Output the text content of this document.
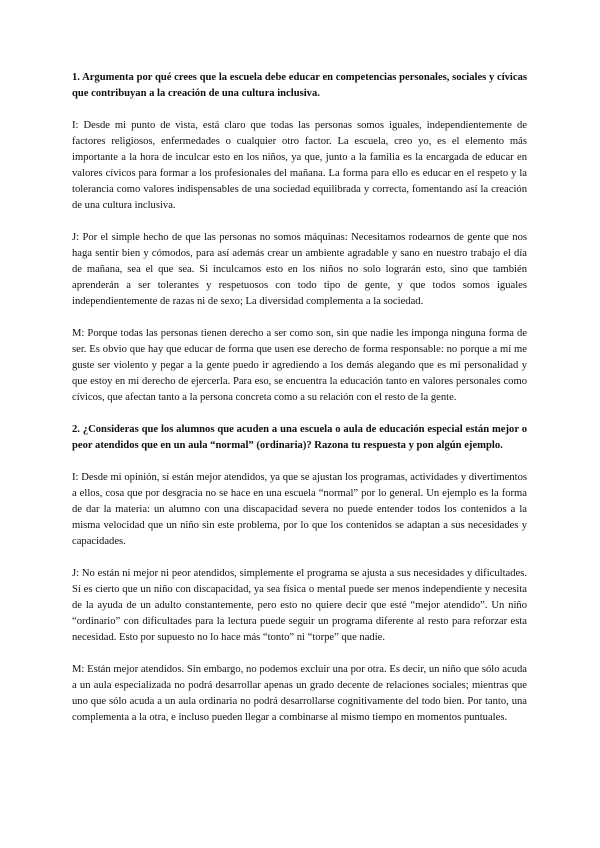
1. Argumenta por qué crees que la escuela debe educar en competencias personales, sociales y cívicas que contribuyan a la creación de una cultura inclusiva.

I: Desde mi punto de vista, está claro que todas las personas somos iguales, independientemente de factores religiosos, enfermedades o cualquier otro factor. La escuela, creo yo, es el elemento más importante a la hora de inculcar esto en los niños, ya que, junto a la familia es la encargada de educar en valores cívicos para formar a los profesionales del mañana. La forma para ello es educar en el respeto y la tolerancia como valores indispensables de una sociedad equilibrada y correcta, fomentando así la creación de una cultura inclusiva.

J: Por el simple hecho de que las personas no somos máquinas: Necesitamos rodearnos de gente que nos haga sentir bien y cómodos, para así además crear un ambiente agradable y sano en nuestro trabajo el día de mañana, sea el que sea. Si inculcamos esto en los niños no solo lograrán esto, sino que también aprenderán a ser tolerantes y respetuosos con todo tipo de gente, y que todos somos iguales independientemente de razas ni de sexo; La diversidad complementa a la sociedad.

M: Porque todas las personas tienen derecho a ser como son, sin que nadie les imponga ninguna forma de ser. Es obvio que hay que educar de forma que usen ese derecho de forma responsable: no porque a mí me guste ser violento y pegar a la gente puedo ir agrediendo a los demás alegando que es mi personalidad y que estoy en mi derecho de ejercerla. Para eso, se encuentra la educación tanto en valores personales como cívicos, que afectan tanto a la persona concreta como a su relación con el resto de la gente.

2. ¿Consideras que los alumnos que acuden a una escuela o aula de educación especial están mejor o peor atendidos que en un aula “normal” (ordinaria)? Razona tu respuesta y pon algún ejemplo.

I: Desde mi opinión, sí están mejor atendidos, ya que se ajustan los programas, actividades y divertimentos a ellos, cosa que por desgracia no se hace en una escuela “normal” por lo general. Un ejemplo es la forma de dar la materia: un alumno con una discapacidad severa no puede entender todos los contenidos a la misma velocidad que un niño sin este problema, por lo que los contenidos se adaptan a sus necesidades y capacidades.

J: No están ni mejor ni peor atendidos, simplemente el programa se ajusta a sus necesidades y dificultades. Sí es cierto que un niño con discapacidad, ya sea física o mental puede ser menos independiente y necesita de la ayuda de un adulto constantemente, pero esto no quiere decir que esté “mejor atendido”. Un niño “ordinario” con dificultades para la lectura puede seguir un programa diferente al resto para reforzar esta necesidad. Esto por supuesto no lo hace más “tonto” ni “torpe” que nadie.

M: Están mejor atendidos. Sin embargo, no podemos excluir una por otra. Es decir, un niño que sólo acuda a un aula especializada no podrá desarrollar apenas un grado decente de relaciones sociales; mientras que uno que sólo acuda a un aula ordinaria no podrá desarrollarse cognitivamente del todo bien. Por tanto, una complementa a la otra, e incluso pueden llegar a combinarse al mismo tiempo en momentos puntuales.
